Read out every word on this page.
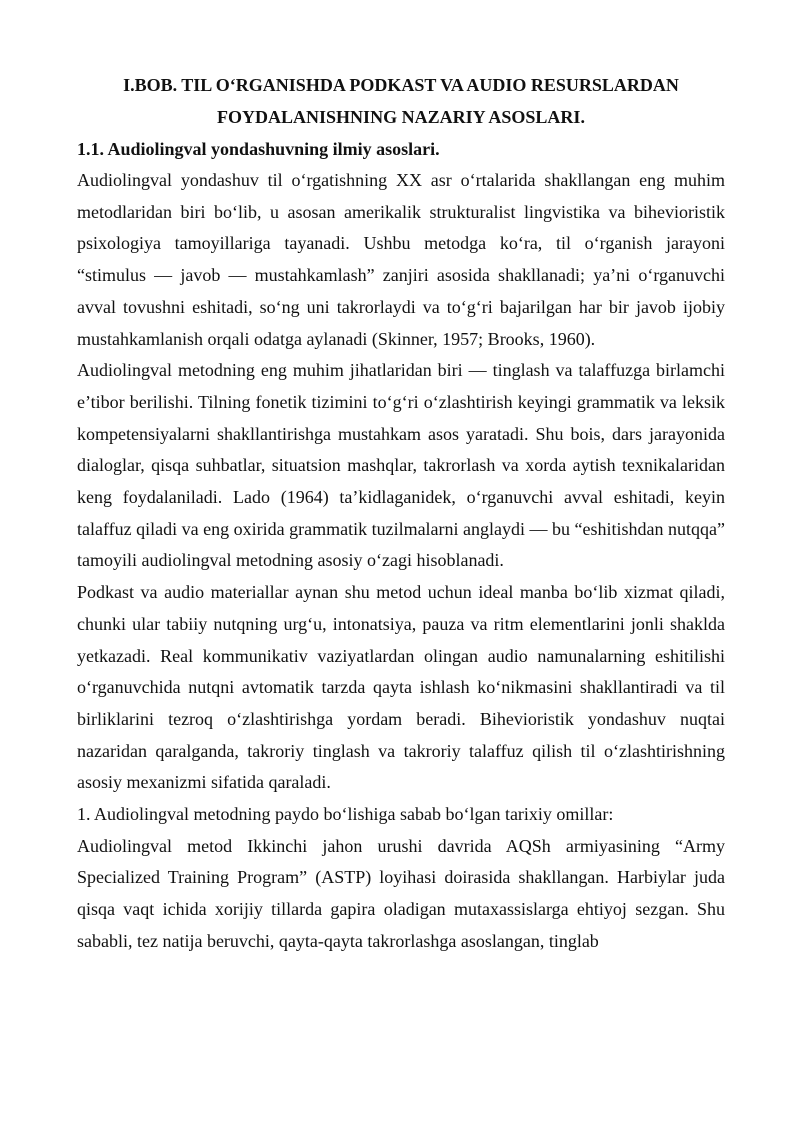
I.BOB. TIL O‘RGANISHDA PODKAST VA AUDIO RESURSLARDAN
FOYDALANISHNING NAZARIY ASOSLARI.

1.1. Audiolingval yondashuvning ilmiy asoslari.

Audiolingval yondashuv til o‘rgatishning XX asr o‘rtalarida shakllangan eng muhim metodlaridan biri bo‘lib, u asosan amerikalik strukturalist lingvistika va bihevioristik psixologiya tamoyillariga tayanadi. Ushbu metodga ko‘ra, til o‘rganish jarayoni “stimulus — javob — mustahkamlash” zanjiri asosida shakllanadi; ya’ni o‘rganuvchi avval tovushni eshitadi, so‘ng uni takrorlaydi va to‘g‘ri bajarilgan har bir javob ijobiy mustahkamlanish orqali odatga aylanadi (Skinner, 1957; Brooks, 1960).

Audiolingval metodning eng muhim jihatlaridan biri — tinglash va talaffuzga birlamchi e’tibor berilishi. Tilning fonetik tizimini to‘g‘ri o‘zlashtirish keyingi grammatik va leksik kompetensiyalarni shakllantirishga mustahkam asos yaratadi. Shu bois, dars jarayonida dialoglar, qisqa suhbatlar, situatsion mashqlar, takrorlash va xorda aytish texnikalaridan keng foydalaniladi. Lado (1964) ta’kidlaganidek, o‘rganuvchi avval eshitadi, keyin talaffuz qiladi va eng oxirida grammatik tuzilmalarni anglaydi — bu “eshitishdan nutqqa” tamoyili audiolingval metodning asosiy o‘zagi hisoblanadi.

Podkast va audio materiallar aynan shu metod uchun ideal manba bo‘lib xizmat qiladi, chunki ular tabiiy nutqning urg‘u, intonatsiya, pauza va ritm elementlarini jonli shaklda yetkazadi. Real kommunikativ vaziyatlardan olingan audio namunalarning eshitilishi o‘rganuvchida nutqni avtomatik tarzda qayta ishlash ko‘nikmasini shakllantiradi va til birliklarini tezroq o‘zlashtirishga yordam beradi. Bihevioristik yondashuv nuqtai nazaridan qaralganda, takroriy tinglash va takroriy talaffuz qilish til o‘zlashtirishning asosiy mexanizmi sifatida qaraladi.

1. Audiolingval metodning paydo bo‘lishiga sabab bo‘lgan tarixiy omillar:

Audiolingval metod Ikkinchi jahon urushi davrida AQSh armiyasining “Army Specialized Training Program” (ASTP) loyihasi doirasida shakllangan. Harbiylar juda qisqa vaqt ichida xorijiy tillarda gapira oladigan mutaxassislarga ehtiyoj sezgan. Shu sababli, tez natija beruvchi, qayta-qayta takrorlashga asoslangan, tinglab
